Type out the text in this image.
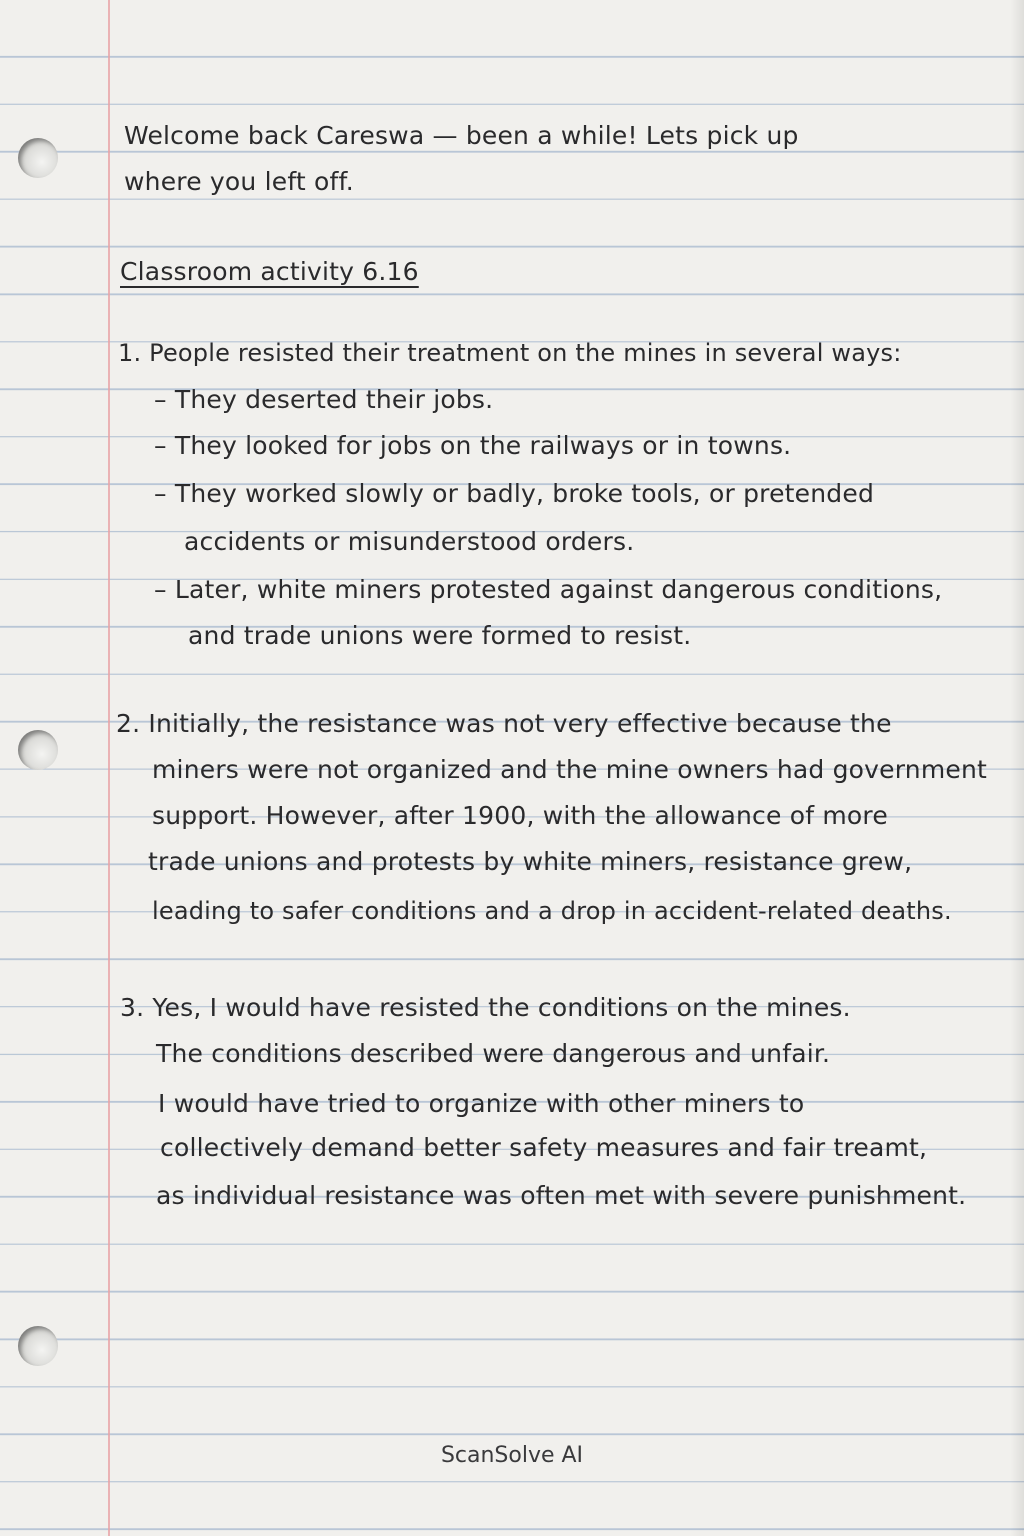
Welcome back Careswa — been a while! Lets pick up
where you left off.
Classroom activity 6.16
1. People resisted their treatment on the mines in several ways:
– They deserted their jobs.
– They looked for jobs on the railways or in towns.
– They worked slowly or badly, broke tools, or pretended
accidents or misunderstood orders.
– Later, white miners protested against dangerous conditions,
and trade unions were formed to resist.
2. Initially, the resistance was not very effective because the
miners were not organized and the mine owners had government
support. However, after 1900, with the allowance of more
trade unions and protests by white miners, resistance grew,
leading to safer conditions and a drop in accident-related deaths.
3. Yes, I would have resisted the conditions on the mines.
The conditions described were dangerous and unfair.
I would have tried to organize with other miners to
collectively demand better safety measures and fair treamt,
as individual resistance was often met with severe punishment.
ScanSolve AI
